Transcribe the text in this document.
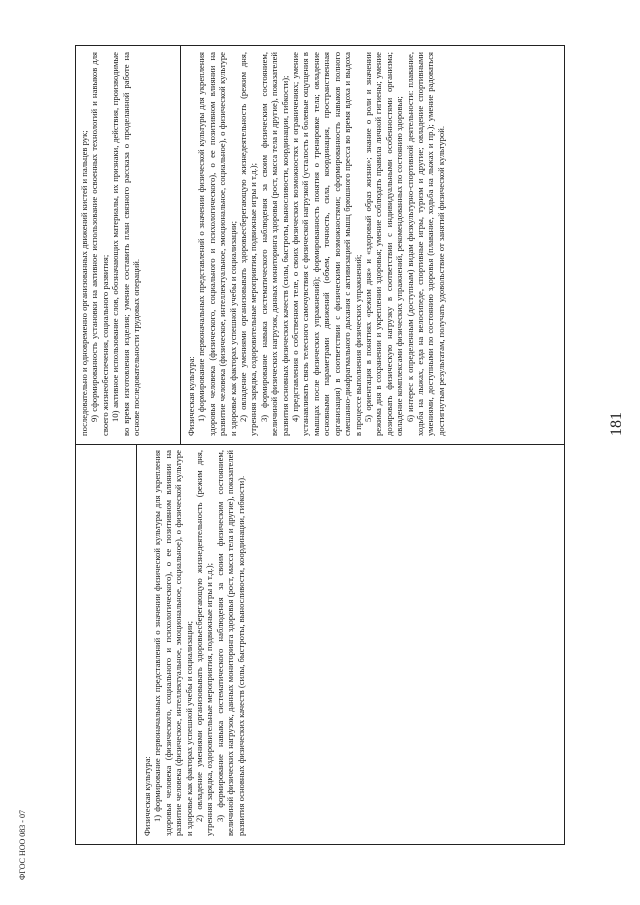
181
ФГОС НОО 083 - 07

Физическая культура: 1) формирование первоначальных представлений о значении физической культуры для укрепления здоровья человека (физического, социального и психологического), о ее позитивном влиянии на развитие человека (физическое, интеллектуальное, эмоциональное, социальное), о физической культуре и здоровье как факторах успешной учебы и социализации; 2) овладение умениями организовывать здоровьесберегающую жизнедеятельность (режим дня, утренняя зарядка, оздоровительные мероприятия, подвижные игры и т.д.); 3) формирование навыка систематического наблюдения за своим физическим состоянием, величиной физических нагрузок, данных мониторинга здоровья (рост, масса тела и другие), показателей развития основных физических качеств (силы, быстроты, выносливости, координации, гибкости).

последовательно и одновременно организованных движений кистей и пальцев рук; 9) сформированность установки на активное использование освоенных технологий и навыков для своего жизнеобеспечения, социального развития; 10) активное использование слов, обозначающих материалы, их признаки, действия, производимые во время изготовления изделия; умение составить план связного рассказа о проделанной работе на основе последовательности трудовых операций.	Физическая культура: 1) формирование первоначальных представлений о значении физической культуры для укрепления здоровья человека (физического, социального и психологического), о ее позитивном влиянии на развитие человека (физическое, интеллектуальное, эмоциональное, социальное), о физической культуре и здоровье как факторах успешной учебы и социализации; 2) овладение умениями организовывать здоровьесберегающую жизнедеятельность (режим дня, утренняя зарядка, оздоровительные мероприятия, подвижные игры и т.д.); 3) формирование навыка систематического наблюдения за своим физическим состоянием, величиной физических нагрузок, данных мониторинга здоровья (рост, масса тела и другие), показателей развития основных физических качеств (силы, быстроты, выносливости, координации, гибкости); 4) представления о собственном теле, о своих физических возможностях и ограничениях; умение устанавливать связь телесного самочувствия с физической нагрузкой (усталость и болевые ощущения в мышцах после физических упражнений); формированность понятия о тренировке тела; овладение основными параметрами движений (объем, точность, сила, координация, пространственная организация) в соответствии с физическими возможностями; сформированность навыков полного смешанно-диафрагмального дыхания с активизацией мышц брюшного пресса во время вдоха и выдоха в процессе выполнения физических упражнений; 5) ориентация в понятиях «режим дня» и «здоровый образ жизни»; знание о роли и значении режима дня в сохранении и укреплении здоровья; умение соблюдать правила личной гигиены; умение дозировать физическую нагрузку в соответствии с индивидуальными особенностями организма; овладение комплексами физических упражнений, рекомендованных по состоянию здоровья; 6) интерес к определенным (доступным) видам физкультурно-спортивной деятельности: плавание, ходьба на лыжах, езда на велосипеде, спортивные игры, туризм и другие; овладение спортивными умениями, доступными по состоянию здоровья (плавание, ходьба на лыжах и пр.); умение радоваться достигнутым результатам, получать удовольствие от занятий физической культурой.
